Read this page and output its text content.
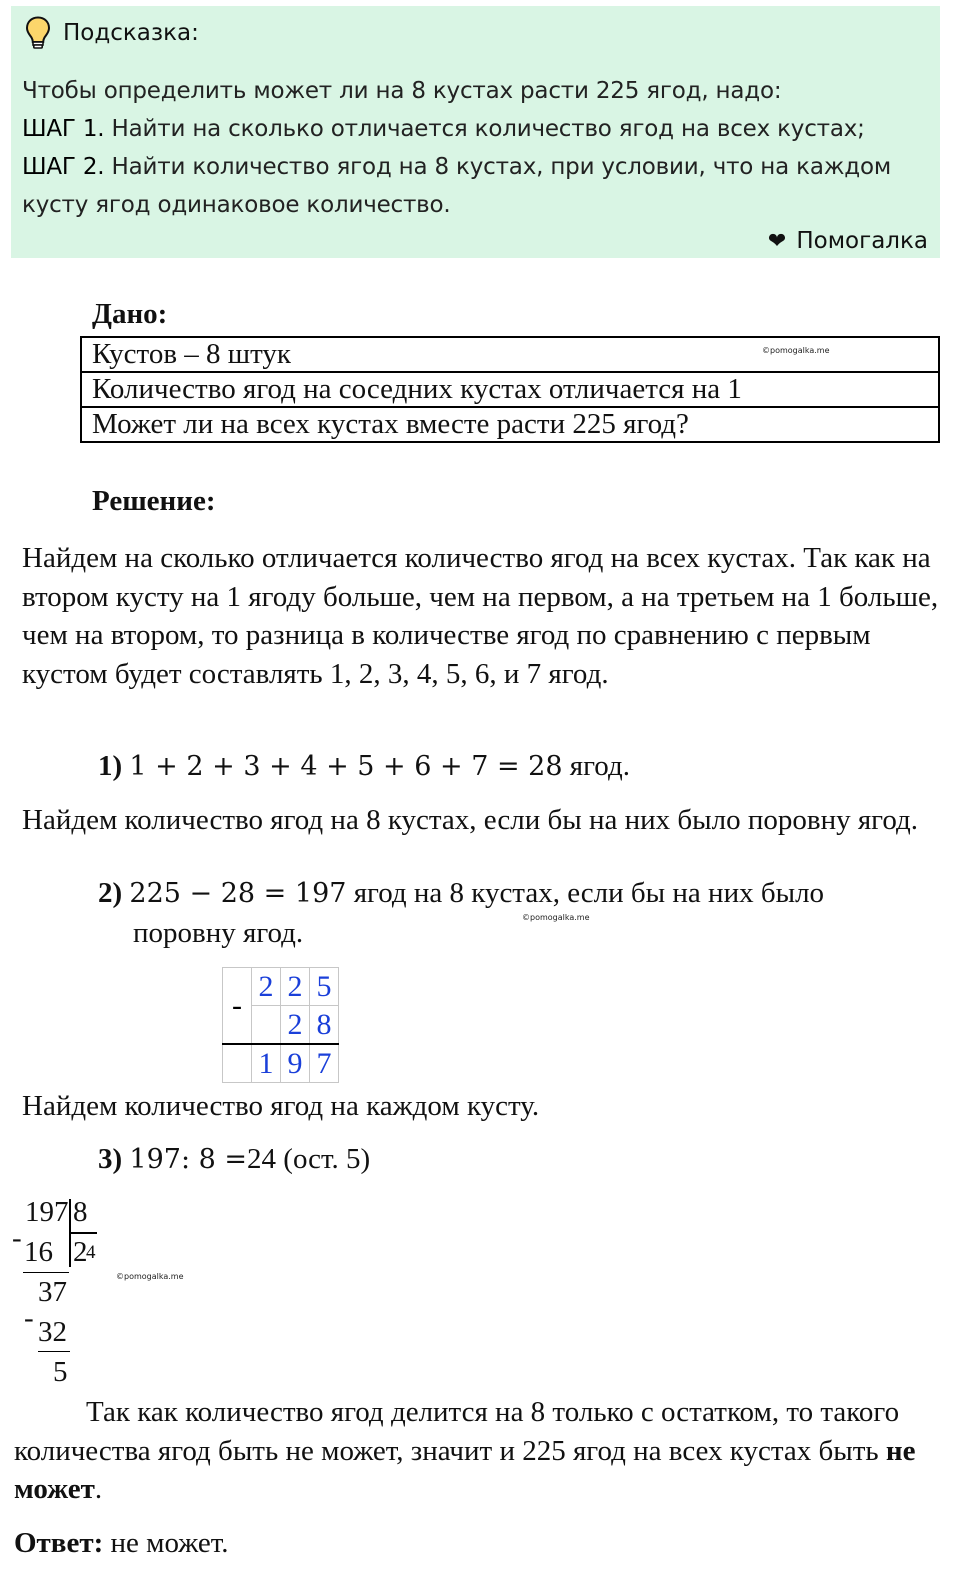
Подсказка:
Чтобы определить может ли на 8 кустах расти 225 ягод, надо:
ШАГ 1. Найти на сколько отличается количество ягод на всех кустах;
ШАГ 2. Найти количество ягод на 8 кустах, при условии, что на каждом кусту ягод одинаковое количество.
❤ Помогалка
Дано:
Кустов – 8 штук	©pomogalka.me

Количество ягод на соседних кустах отличается на 1
Может ли на всех кустах вместе расти 225 ягод?
Решение:
Найдем на сколько отличается количество ягод на всех кустах. Так как на втором кусту на 1 ягоду больше, чем на первом, а на третьем на 1 больше, чем на втором, то разница в количестве ягод по сравнению с первым кустом будет составлять 1, 2, 3, 4, 5, 6, и 7 ягод.
1) 1 + 2 + 3 + 4 + 5 + 6 + 7 = 28 ягод.
Найдем количество ягод на 8 кустах, если бы на них было поровну ягод.
2) 225 − 28 = 197 ягод на 8 кустах, если бы на них было
поровну ягод.	©pomogalka.me
-	2	2	5
		2	8
	1	9	7
Найдем количество ягод на каждом кусту.
3) 197: 8 =24 (ост. 5)
197 8
- 16 2
4
37
- 32
5
©pomogalka.me
Так как количество ягод делится на 8 только с остатком, то такого количества ягод быть не может, значит и 225 ягод на всех кустах быть не может.
Ответ: не может.
